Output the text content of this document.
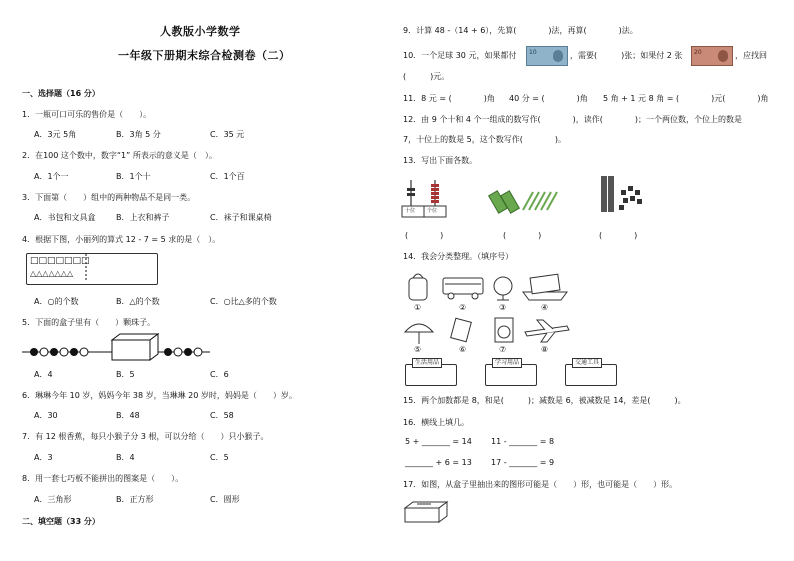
人教版小学数学
一年级下册期末综合检测卷（二）
一、选择题（16 分）
1．一瓶可口可乐的售价是（　　）。
A．3元 5角	B．3角 5 分	C．35 元
2．在100 这个数中，数字“1” 所表示的意义是（　）。
A．1个一	B．1个十	C．1个百
3．下面第（　　）组中的两种物品不是同一类。
A．书包和文具盒	B．上衣和裤子	C．袜子和课桌椅
4．根据下图，小丽列的算式 12 - 7 = 5 求的是（　）。
□□□□□□□
△△△△△△△
A．○的个数	B．△的个数	C．○比△多的个数
5．下面的盒子里有（　　）颗珠子。
A．4	B．5	C．6
6．琳琳今年 10 岁，妈妈今年 38 岁，当琳琳 20 岁时，妈妈是（　　）岁。
A．30	B．48	C．58
7．有 12 根香蕉，每只小猴子分 3 根，可以分给（　　）只小猴子。
A．3	B．4	C．5
8．用一套七巧板不能拼出的图案是（　　）。
A．三角形	B．正方形	C．圆形
二、填空题（33 分）
9．计算 48 -（14 + 6），先算(　　　　)法，再算(　　　　)法。
10．一个足球 30 元，如果都付 10	，需要(　　　)张；如果付 2 张 20	，应找回
(　　　)元。
11．8 元 = (　　　　)角 40 分 = (　　　　)角 5 角 + 1 元 8 角 = (　　　　)元(　　　　)角
12．由 9 个十和 4 个一组成的数写作(　　　　)，读作(　　　　)；一个两位数，个位上的数是
7，十位上的数是 5，这个数写作(　　　　)。
13．写出下面各数。
十位 个位
(　　　　)	(　　　　)	(　　　　)
14．我会分类整理。（填序号）
①	②	③	④
⑤	⑥	⑦	⑧
生活用品	学习用品	交通工具
15．两个加数都是 8，和是(　　　)；减数是 6，被减数是 14，差是(　　　)。
16．横线上填几。
5 + _______ = 14 11 - _______ = 8
_______ + 6 = 13 17 - _______ = 9
17．如图，从盒子里抽出来的图形可能是（　　）形，也可能是（　　）形。
